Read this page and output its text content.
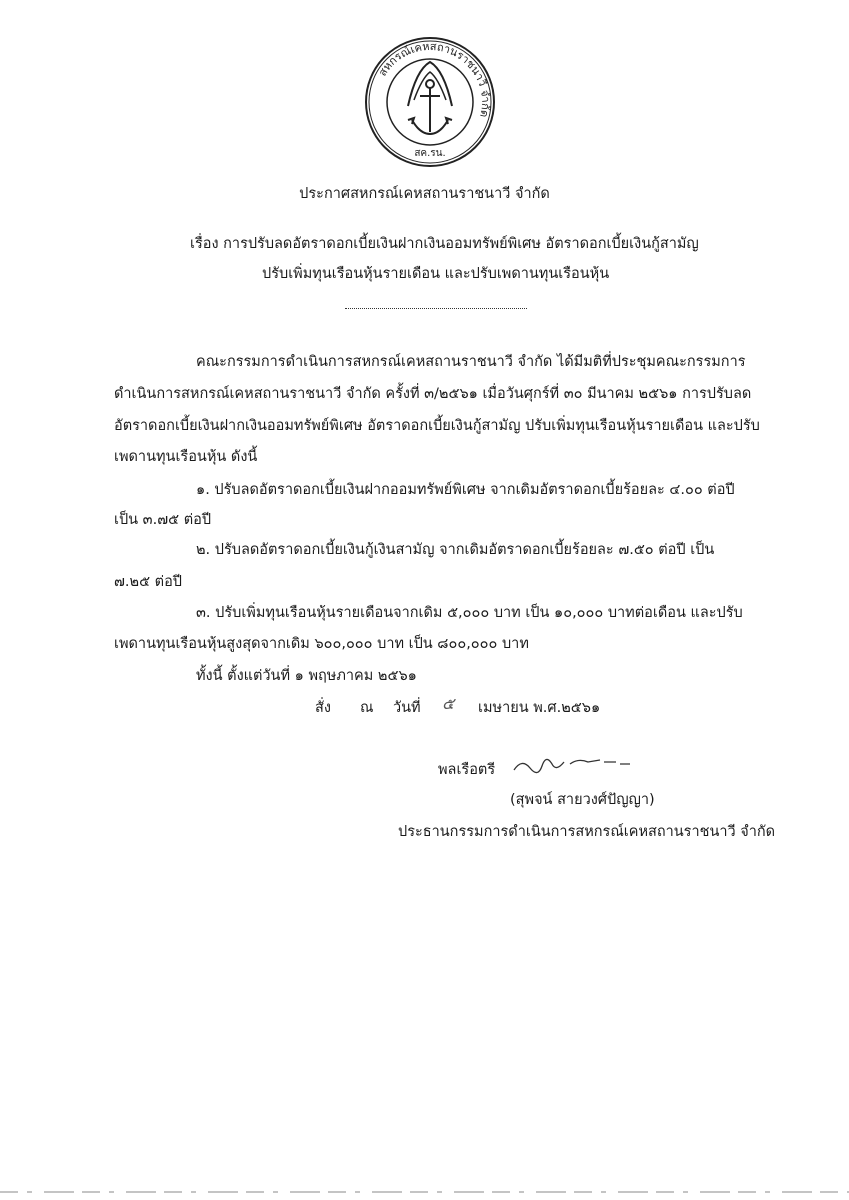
สหกรณ์เคหสถานราชนาวี จำกัด
สค.รน.
ประกาศสหกรณ์เคหสถานราชนาวี จำกัด
เรื่อง การปรับลดอัตราดอกเบี้ยเงินฝากเงินออมทรัพย์พิเศษ อัตราดอกเบี้ยเงินกู้สามัญ
ปรับเพิ่มทุนเรือนหุ้นรายเดือน และปรับเพดานทุนเรือนหุ้น
คณะกรรมการดำเนินการสหกรณ์เคหสถานราชนาวี จำกัด ได้มีมติที่ประชุมคณะกรรมการ
ดำเนินการสหกรณ์เคหสถานราชนาวี จำกัด ครั้งที่ ๓/๒๕๖๑ เมื่อวันศุกร์ที่ ๓๐ มีนาคม ๒๕๖๑ การปรับลด
อัตราดอกเบี้ยเงินฝากเงินออมทรัพย์พิเศษ อัตราดอกเบี้ยเงินกู้สามัญ ปรับเพิ่มทุนเรือนหุ้นรายเดือน และปรับ
เพดานทุนเรือนหุ้น ดังนี้
๑. ปรับลดอัตราดอกเบี้ยเงินฝากออมทรัพย์พิเศษ จากเดิมอัตราดอกเบี้ยร้อยละ ๔.๐๐ ต่อปี
เป็น ๓.๗๕ ต่อปี
๒. ปรับลดอัตราดอกเบี้ยเงินกู้เงินสามัญ จากเดิมอัตราดอกเบี้ยร้อยละ ๗.๕๐ ต่อปี เป็น
๗.๒๕ ต่อปี
๓. ปรับเพิ่มทุนเรือนหุ้นรายเดือนจากเดิม ๕,๐๐๐ บาท เป็น ๑๐,๐๐๐ บาทต่อเดือน และปรับ
เพดานทุนเรือนหุ้นสูงสุดจากเดิม ๖๐๐,๐๐๐ บาท เป็น ๘๐๐,๐๐๐ บาท
ทั้งนี้ ตั้งแต่วันที่ ๑ พฤษภาคม ๒๕๖๑
สั่ง ณ วันที่ ๕ เมษายน พ.ศ.๒๕๖๑
พลเรือตรี
(สุพจน์ สายวงศ์ปัญญา)
ประธานกรรมการดำเนินการสหกรณ์เคหสถานราชนาวี จำกัด
